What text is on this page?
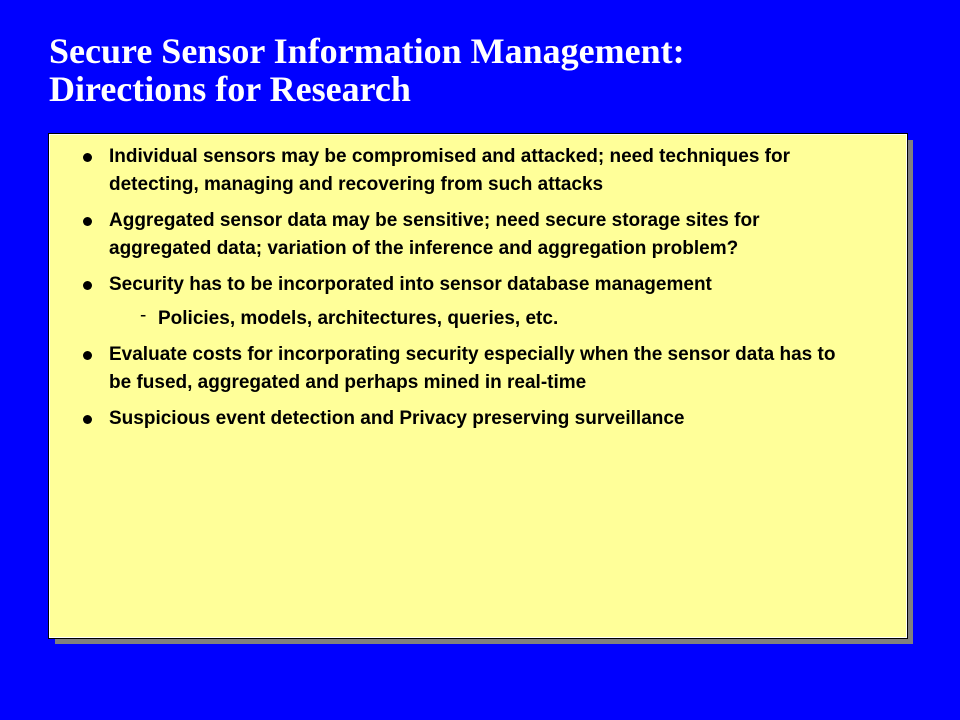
Secure Sensor Information Management:
Directions for Research
Individual sensors may be compromised and attacked; need techniques for detecting, managing and recovering from such attacks
Aggregated sensor data may be sensitive; need secure storage sites for aggregated data; variation of the inference and aggregation problem?
Security has to be incorporated into sensor database management
- Policies, models, architectures, queries, etc.
Evaluate costs for incorporating security especially when the sensor data has to be fused, aggregated and perhaps mined in real-time
Suspicious event detection and Privacy preserving surveillance
